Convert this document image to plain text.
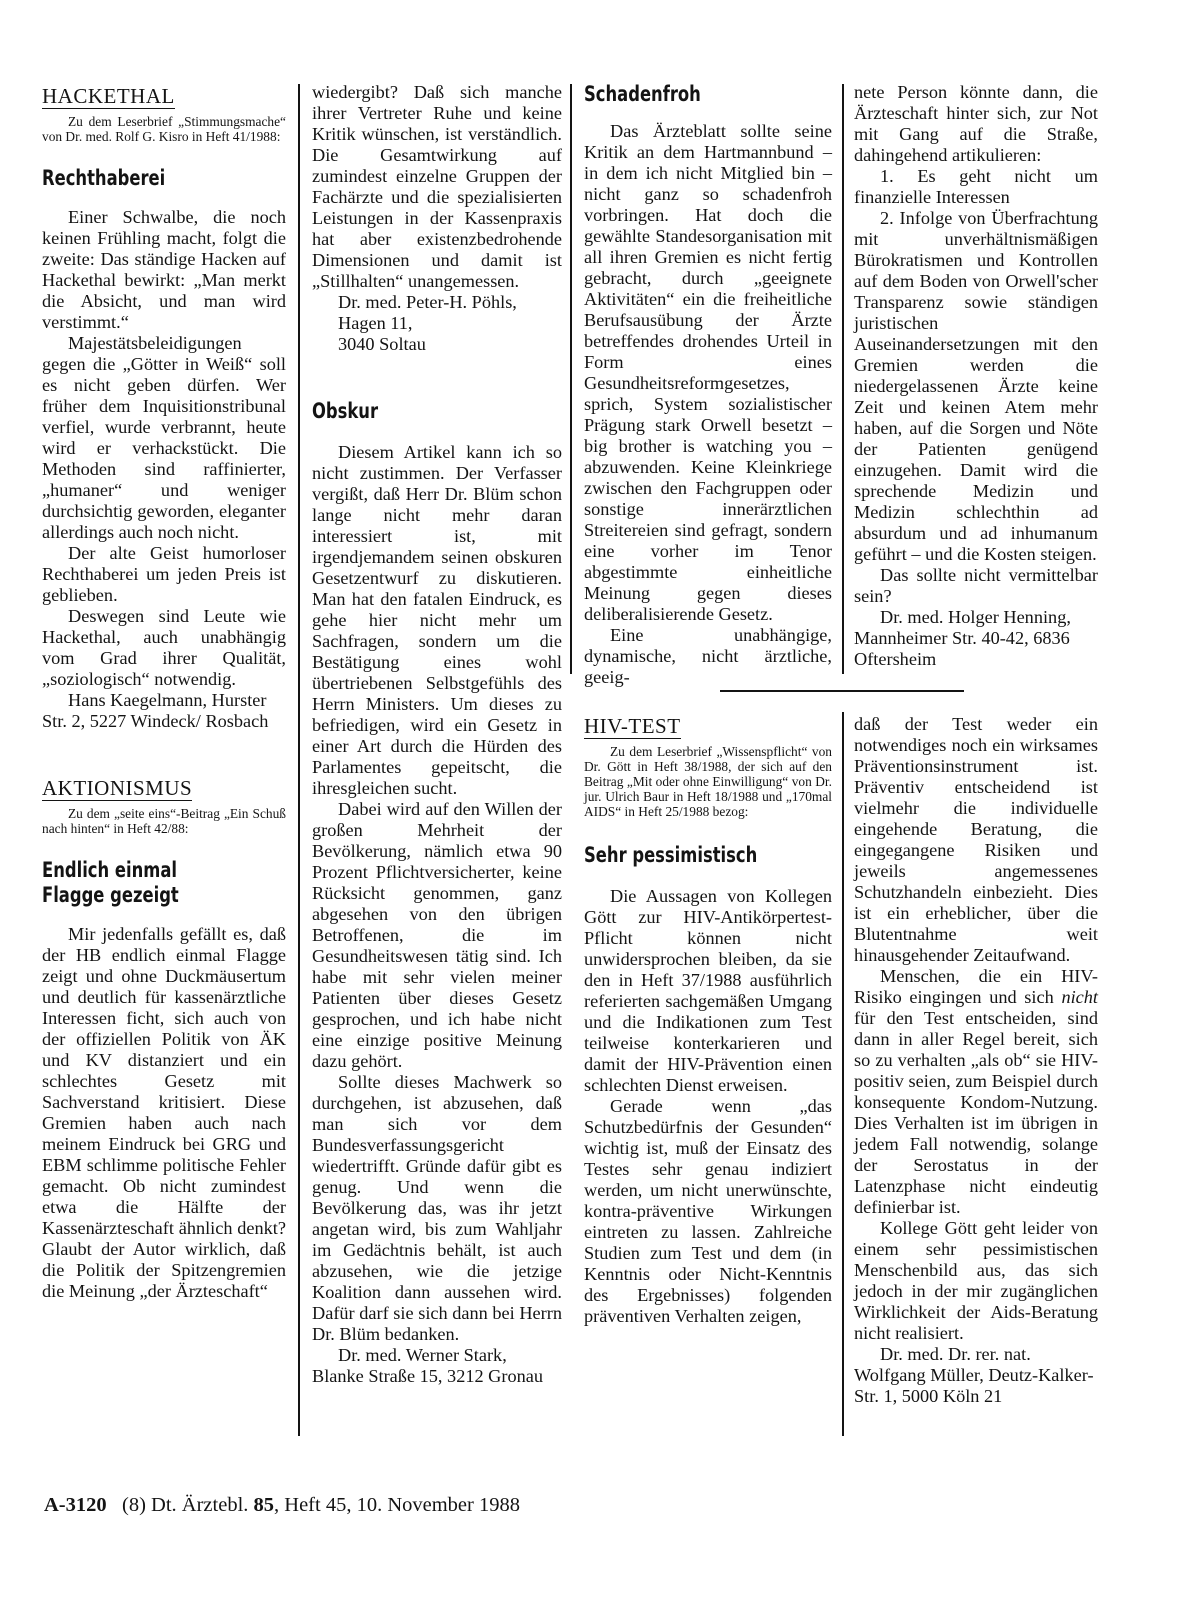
HACKETHAL

Zu dem Leserbrief „Stimmungsmache“ von Dr. med. Rolf G. Kisro in Heft 41/1988:

Rechthaberei

Einer Schwalbe, die noch keinen Frühling macht, folgt die zweite: Das ständige Hacken auf Hackethal bewirkt: „Man merkt die Absicht, und man wird verstimmt.“

Majestätsbeleidigungen gegen die „Götter in Weiß“ soll es nicht geben dürfen. Wer früher dem Inquisitionstribunal verfiel, wurde verbrannt, heute wird er verhackstückt. Die Methoden sind raffinierter, „humaner“ und weniger durchsichtig geworden, eleganter allerdings auch noch nicht.

Der alte Geist humorloser Rechthaberei um jeden Preis ist geblieben.

Deswegen sind Leute wie Hackethal, auch unabhängig vom Grad ihrer Qualität, „soziologisch“ notwendig.

Hans Kaegelmann, Hurster Str. 2, 5227 Windeck/ Rosbach

AKTIONISMUS

Zu dem „seite eins“-Beitrag „Ein Schuß nach hinten“ in Heft 42/88:

Endlich einmal
Flagge gezeigt

Mir jedenfalls gefällt es, daß der HB endlich einmal Flagge zeigt und ohne Duckmäusertum und deutlich für kassenärztliche Interessen ficht, sich auch von der offiziellen Politik von ÄK und KV distanziert und ein schlechtes Gesetz mit Sachverstand kritisiert. Diese Gremien haben auch nach meinem Eindruck bei GRG und EBM schlimme politische Fehler gemacht. Ob nicht zumindest etwa die Hälfte der Kassenärzteschaft ähnlich denkt? Glaubt der Autor wirklich, daß die Politik der Spitzengremien die Meinung „der Ärzteschaft“

wiedergibt? Daß sich manche ihrer Vertreter Ruhe und keine Kritik wünschen, ist verständlich. Die Gesamtwirkung auf zumindest einzelne Gruppen der Fachärzte und die spezialisierten Leistungen in der Kassenpraxis hat aber existenzbedrohende Dimensionen und damit ist „Stillhalten“ unangemessen.

Dr. med. Peter-H. Pöhls,

Hagen 11,

3040 Soltau

Obskur

Diesem Artikel kann ich so nicht zustimmen. Der Verfasser vergißt, daß Herr Dr. Blüm schon lange nicht mehr daran interessiert ist, mit irgendjemandem seinen obskuren Gesetzentwurf zu diskutieren. Man hat den fatalen Eindruck, es gehe hier nicht mehr um Sachfragen, sondern um die Bestätigung eines wohl übertriebenen Selbstgefühls des Herrn Ministers. Um dieses zu befriedigen, wird ein Gesetz in einer Art durch die Hürden des Parlamentes gepeitscht, die ihresgleichen sucht.

Dabei wird auf den Willen der großen Mehrheit der Bevölkerung, nämlich etwa 90 Prozent Pflichtversicherter, keine Rücksicht genommen, ganz abgesehen von den übrigen Betroffenen, die im Gesundheitswesen tätig sind. Ich habe mit sehr vielen meiner Patienten über dieses Gesetz gesprochen, und ich habe nicht eine einzige positive Meinung dazu gehört.

Sollte dieses Machwerk so durchgehen, ist abzusehen, daß man sich vor dem Bundesverfassungsgericht wiedertrifft. Gründe dafür gibt es genug. Und wenn die Bevölkerung das, was ihr jetzt angetan wird, bis zum Wahljahr im Gedächtnis behält, ist auch abzusehen, wie die jetzige Koalition dann aussehen wird. Dafür darf sie sich dann bei Herrn Dr. Blüm bedanken.

Dr. med. Werner Stark, Blanke Straße 15, 3212 Gronau

Schadenfroh

Das Ärzteblatt sollte seine Kritik an dem Hartmannbund – in dem ich nicht Mitglied bin – nicht ganz so schadenfroh vorbringen. Hat doch die gewählte Standesorganisation mit all ihren Gremien es nicht fertig gebracht, durch „geeignete Aktivitäten“ ein die freiheitliche Berufsausübung der Ärzte betreffendes drohendes Urteil in Form eines Gesundheitsreformgesetzes, sprich, System sozialistischer Prägung stark Orwell besetzt – big brother is watching you – abzuwenden. Keine Kleinkriege zwischen den Fachgruppen oder sonstige innerärztlichen Streitereien sind gefragt, sondern eine vorher im Tenor abgestimmte einheitliche Meinung gegen dieses deliberalisierende Gesetz.

Eine unabhängige, dynamische, nicht ärztliche, geeig-

nete Person könnte dann, die Ärzteschaft hinter sich, zur Not mit Gang auf die Straße, dahingehend artikulieren:

1. Es geht nicht um finanzielle Interessen

2. Infolge von Überfrachtung mit unverhältnismäßigen Bürokratismen und Kontrollen auf dem Boden von Orwell'scher Transparenz sowie ständigen juristischen Auseinandersetzungen mit den Gremien werden die niedergelassenen Ärzte keine Zeit und keinen Atem mehr haben, auf die Sorgen und Nöte der Patienten genügend einzugehen. Damit wird die sprechende Medizin und Medizin schlechthin ad absurdum und ad inhumanum geführt – und die Kosten steigen.

Das sollte nicht vermittelbar sein?

Dr. med. Holger Henning, Mannheimer Str. 40-42, 6836 Oftersheim

HIV-TEST

Zu dem Leserbrief „Wissenspflicht“ von Dr. Gött in Heft 38/1988, der sich auf den Beitrag „Mit oder ohne Einwilligung“ von Dr. jur. Ulrich Baur in Heft 18/1988 und „170mal AIDS“ in Heft 25/1988 bezog:

Sehr pessimistisch

Die Aussagen von Kollegen Gött zur HIV-Antikörpertest-Pflicht können nicht unwidersprochen bleiben, da sie den in Heft 37/1988 ausführlich referierten sachgemäßen Umgang und die Indikationen zum Test teilweise konterkarieren und damit der HIV-Prävention einen schlechten Dienst erweisen.

Gerade wenn „das Schutzbedürfnis der Gesunden“ wichtig ist, muß der Einsatz des Testes sehr genau indiziert werden, um nicht unerwünschte, kontra-präventive Wirkungen eintreten zu lassen. Zahlreiche Studien zum Test und dem (in Kenntnis oder Nicht-Kenntnis des Ergebnisses) folgenden präventiven Verhalten zeigen,

daß der Test weder ein notwendiges noch ein wirksames Präventionsinstrument ist. Präventiv entscheidend ist vielmehr die individuelle eingehende Beratung, die eingegangene Risiken und jeweils angemessenes Schutzhandeln einbezieht. Dies ist ein erheblicher, über die Blutentnahme weit hinausgehender Zeitaufwand.

Menschen, die ein HIV-Risiko eingingen und sich nicht für den Test entscheiden, sind dann in aller Regel bereit, sich so zu verhalten „als ob“ sie HIV-positiv seien, zum Beispiel durch konsequente Kondom-Nutzung. Dies Verhalten ist im übrigen in jedem Fall notwendig, solange der Serostatus in der Latenzphase nicht eindeutig definierbar ist.

Kollege Gött geht leider von einem sehr pessimistischen Menschenbild aus, das sich jedoch in der mir zugänglichen Wirklichkeit der Aids-Beratung nicht realisiert.

Dr. med. Dr. rer. nat. Wolfgang Müller, Deutz-Kalker-Str. 1, 5000 Köln 21

A-3120 (8) Dt. Ärztebl. 85, Heft 45, 10. November 1988
